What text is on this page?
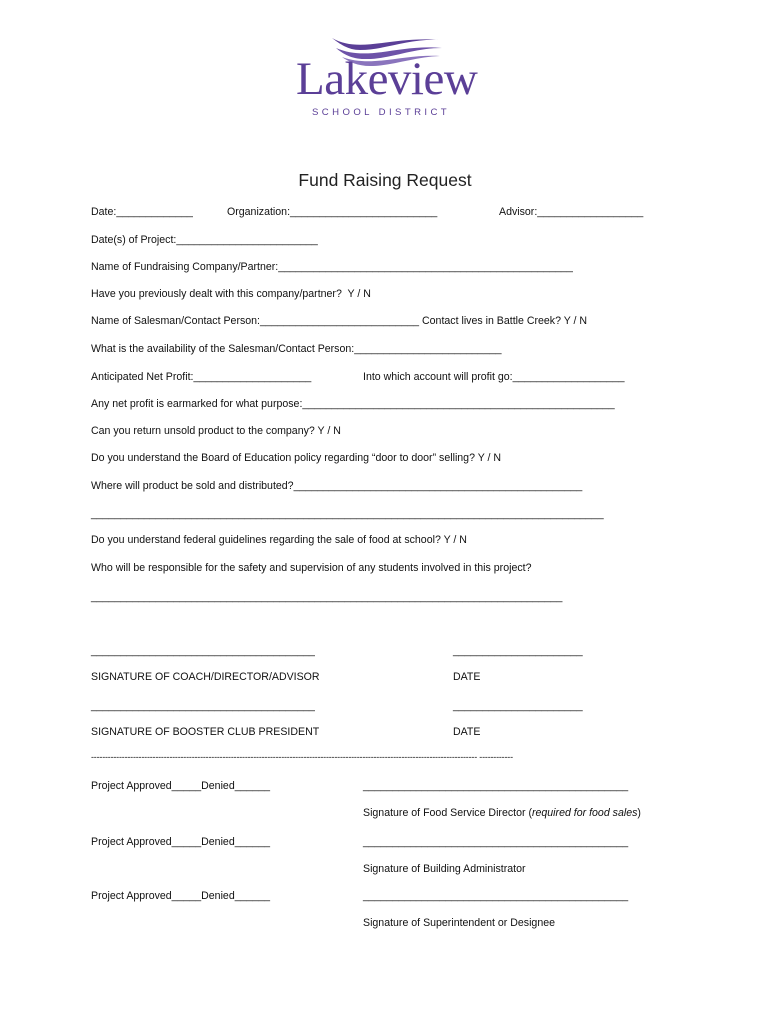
Lakeview
SCHOOL DISTRICT
Fund Raising Request
Date:_____________	Organization:_________________________	Advisor:__________________
Date(s) of Project:________________________
Name of Fundraising Company/Partner:__________________________________________________
Have you previously dealt with this company/partner?  Y / N
Name of Salesman/Contact Person:___________________________ Contact lives in Battle Creek? Y / N
What is the availability of the Salesman/Contact Person:_________________________
Anticipated Net Profit:____________________	Into which account will profit go:___________________
Any net profit is earmarked for what purpose:_____________________________________________________
Can you return unsold product to the company? Y / N
Do you understand the Board of Education policy regarding “door to door” selling? Y / N
Where will product be sold and distributed?_________________________________________________
_______________________________________________________________________________________
Do you understand federal guidelines regarding the sale of food at school? Y / N
Who will be responsible for the safety and supervision of any students involved in this project?
________________________________________________________________________________
______________________________________	______________________
SIGNATURE OF COACH/DIRECTOR/ADVISOR	DATE
______________________________________	______________________
SIGNATURE OF BOOSTER CLUB PRESIDENT	DATE
------------------------------------------------------------------------------------------------------------------------------------------ ------------
Project Approved_____Denied______	_____________________________________________
Signature of Food Service Director (required for food sales)
Project Approved_____Denied______	_____________________________________________
Signature of Building Administrator
Project Approved_____Denied______	_____________________________________________
Signature of Superintendent or Designee
